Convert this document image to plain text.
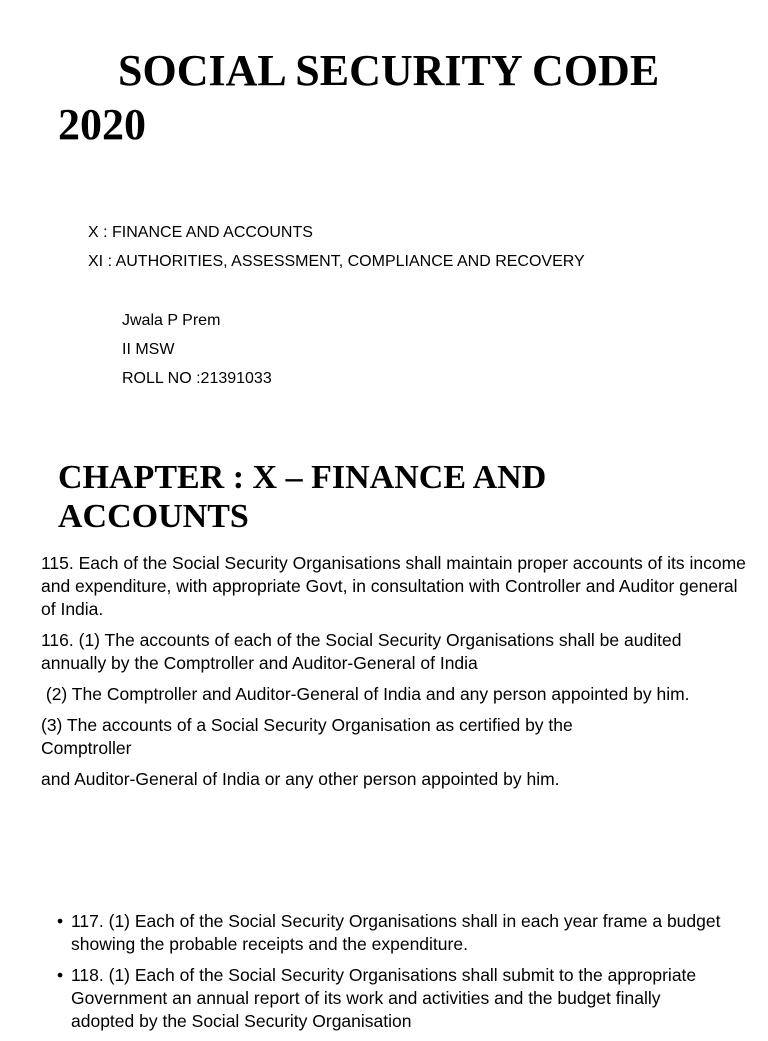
SOCIAL SECURITY CODE
2020
X : FINANCE AND ACCOUNTS
XI : AUTHORITIES, ASSESSMENT, COMPLIANCE AND RECOVERY
Jwala P Prem
II MSW
ROLL NO :21391033
CHAPTER : X – FINANCE AND
ACCOUNTS

115. Each of the Social Security Organisations shall maintain proper accounts of its income and expenditure, with appropriate Govt, in consultation with Controller and Auditor general of India.

116. (1) The accounts of each of the Social Security Organisations shall be audited annually by the Comptroller and Auditor-General of India

(2) The Comptroller and Auditor-General of India and any person appointed by him.

(3) The accounts of a Social Security Organisation as certified by the Comptroller

and Auditor-General of India or any other person appointed by him.

• 117. (1) Each of the Social Security Organisations shall in each year frame a budget showing the probable receipts and the expenditure.
• 118. (1) Each of the Social Security Organisations shall submit to the appropriate Government an annual report of its work and activities and the budget finally adopted by the Social Security Organisation
